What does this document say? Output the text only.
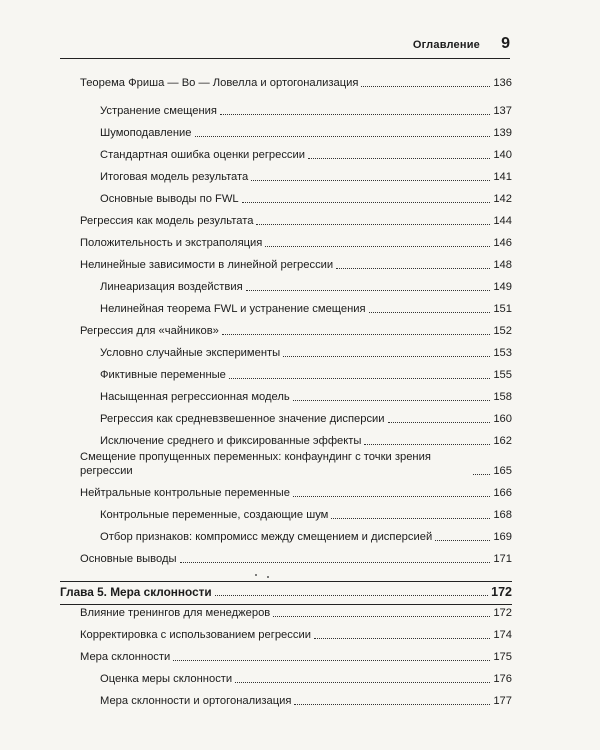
Оглавление 9
Теорема Фриша — Во — Ловелла и ортогонализация	136
Устранение смещения	137
Шумоподавление	139
Стандартная ошибка оценки регрессии	140
Итоговая модель результата	141
Основные выводы по FWL	142
Регрессия как модель результата	144
Положительность и экстраполяция	146
Нелинейные зависимости в линейной регрессии	148
Линеаризация воздействия	149
Нелинейная теорема FWL и устранение смещения	151
Регрессия для «чайников»	152
Условно случайные эксперименты	153
Фиктивные переменные	155
Насыщенная регрессионная модель	158
Регрессия как средневзвешенное значение дисперсии	160
Исключение среднего и фиксированные эффекты	162
Смещение пропущенных переменных: конфаундинг с точки зрения регрессии	165
Нейтральные контрольные переменные	166
Контрольные переменные, создающие шум	168
Отбор признаков: компромисс между смещением и дисперсией	169
Основные выводы	171
Глава 5. Мера склонности	172
Влияние тренингов для менеджеров	172
Корректировка с использованием регрессии	174
Мера склонности	175
Оценка меры склонности	176
Мера склонности и ортогонализация	177
